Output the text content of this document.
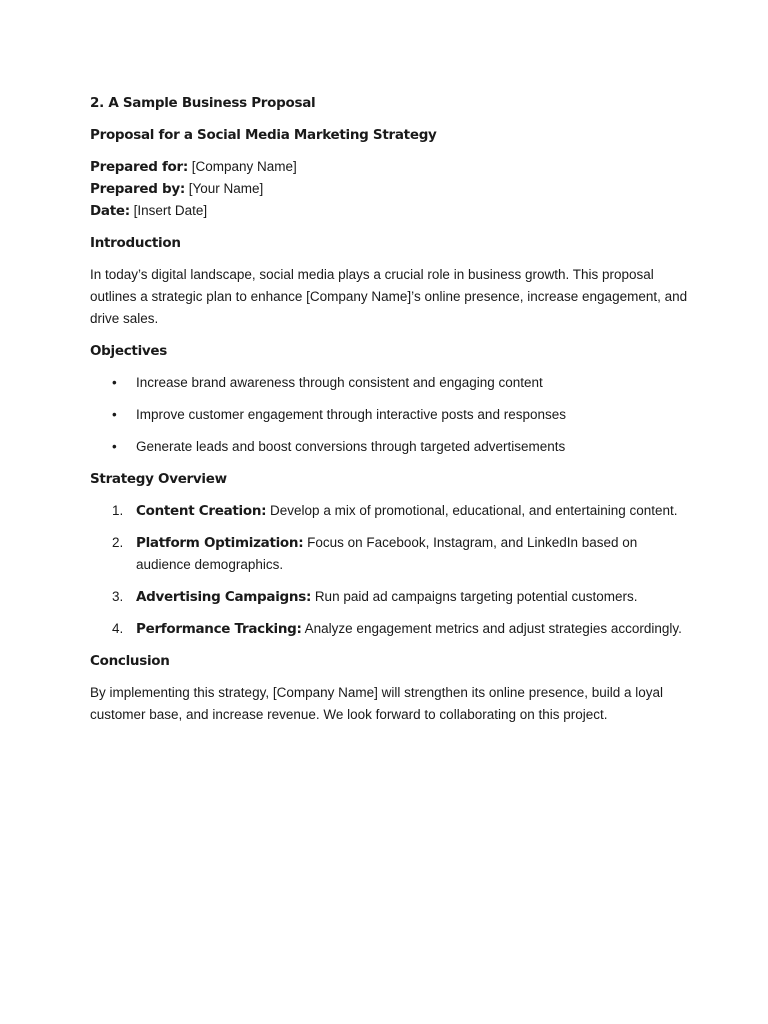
2. A Sample Business Proposal

Proposal for a Social Media Marketing Strategy

Prepared for: [Company Name]
Prepared by: [Your Name]
Date: [Insert Date]

Introduction

In today’s digital landscape, social media plays a crucial role in business growth. This proposal outlines a strategic plan to enhance [Company Name]’s online presence, increase engagement, and drive sales.

Objectives

• Increase brand awareness through consistent and engaging content
• Improve customer engagement through interactive posts and responses
• Generate leads and boost conversions through targeted advertisements

Strategy Overview

1. Content Creation: Develop a mix of promotional, educational, and entertaining content.
2. Platform Optimization: Focus on Facebook, Instagram, and LinkedIn based on audience demographics.
3. Advertising Campaigns: Run paid ad campaigns targeting potential customers.
4. Performance Tracking: Analyze engagement metrics and adjust strategies accordingly.

Conclusion

By implementing this strategy, [Company Name] will strengthen its online presence, build a loyal customer base, and increase revenue. We look forward to collaborating on this project.
